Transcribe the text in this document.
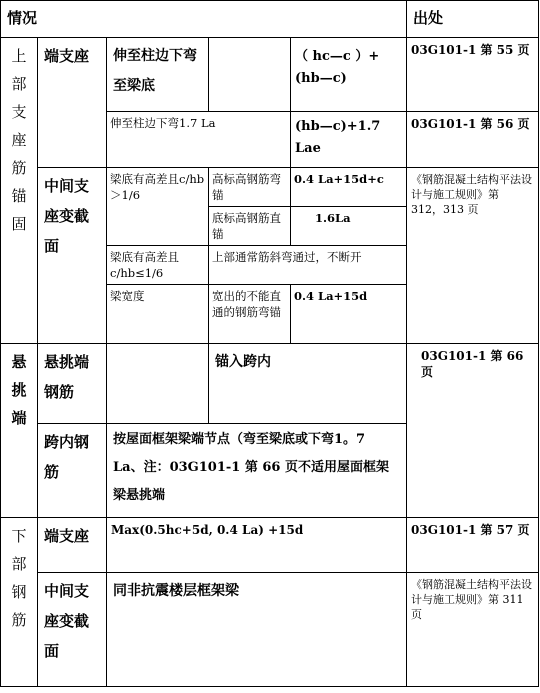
情况					出处

上部支座筋锚固	端支座	伸至柱边下弯至梁底		（ hc—c ）+(hb—c)	03G101-1 第 55 页
		伸至柱边下弯1.7 La		(hb—c)+1.7 Lae	03G101-1 第 56 页
	中间支座变截面	梁底有高差且c/hb＞1/6	高标高钢筋弯锚	0.4 La+15d+c	《钢筋混凝土结构平法设计与施工规则》第 312，313 页
			底标高钢筋直锚	1.6La	
		梁底有高差且c/hb≤1/6	上部通常筋斜弯通过，不断开		
		梁宽度	宽出的不能直通的钢筋弯锚	0.4 La+15d	

悬挑端	悬挑端钢筋		锚入跨内		03G101-1 第 66 页
	跨内钢筋	按屋面框架梁端节点（弯至梁底或下弯1。7 La、注：03G101-1 第 66 页不适用屋面框架梁悬挑端			

下部钢筋	端支座	Max(0.5hc+5d, 0.4 La) +15d			03G101-1 第 57 页
	中间支座变截面	同非抗震楼层框架梁			《钢筋混凝土结构平法设计与施工规则》第 311 页
